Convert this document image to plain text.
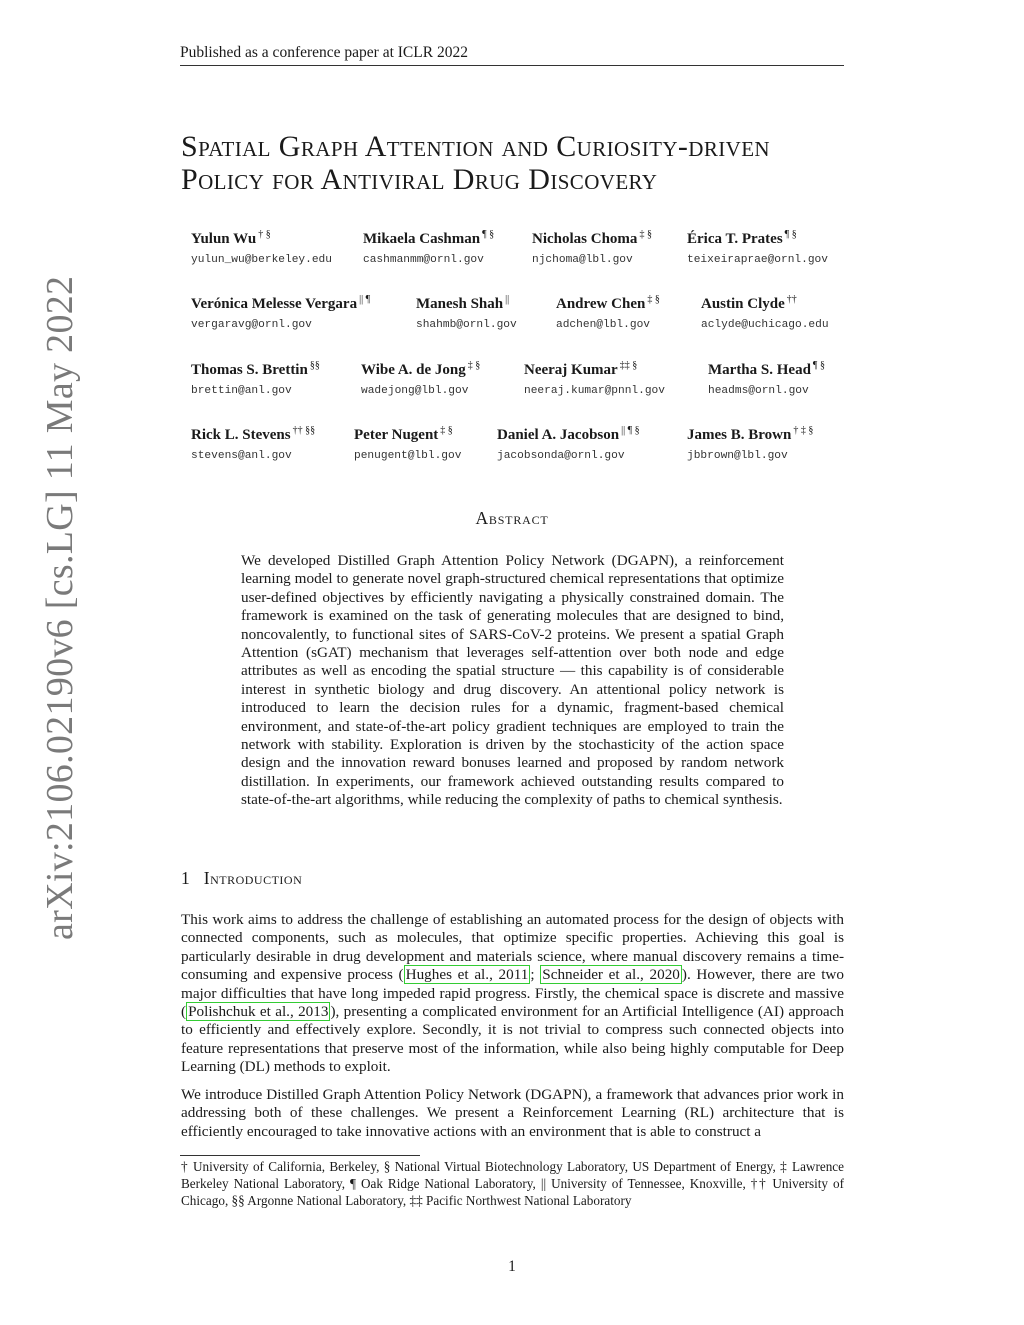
Published as a conference paper at ICLR 2022
arXiv:2106.02190v6 [cs.LG] 11 May 2022
Spatial Graph Attention and Curiosity-driven
Policy for Antiviral Drug Discovery
Yulun Wu † §
yulun_wu@berkeley.edu
Mikaela Cashman ¶ §
cashmanmm@ornl.gov
Nicholas Choma ‡ §
njchoma@lbl.gov
Érica T. Prates ¶ §
teixeiraprae@ornl.gov
Verónica Melesse Vergara || ¶
vergaravg@ornl.gov
Manesh Shah ||
shahmb@ornl.gov
Andrew Chen ‡ §
adchen@lbl.gov
Austin Clyde ††
aclyde@uchicago.edu
Thomas S. Brettin §§
brettin@anl.gov
Wibe A. de Jong ‡ §
wadejong@lbl.gov
Neeraj Kumar ‡‡ §
neeraj.kumar@pnnl.gov
Martha S. Head ¶ §
headms@ornl.gov
Rick L. Stevens †† §§
stevens@anl.gov
Peter Nugent ‡ §
penugent@lbl.gov
Daniel A. Jacobson || ¶ §
jacobsonda@ornl.gov
James B. Brown † ‡ §
jbbrown@lbl.gov
Abstract
We developed Distilled Graph Attention Policy Network (DGAPN), a reinforcement learning model to generate novel graph-structured chemical representations that optimize user-defined objectives by efficiently navigating a physically constrained domain. The framework is examined on the task of generating molecules that are designed to bind, noncovalently, to functional sites of SARS-CoV-2 proteins. We present a spatial Graph Attention (sGAT) mechanism that leverages self-attention over both node and edge attributes as well as encoding the spatial structure — this capability is of considerable interest in synthetic biology and drug discovery. An attentional policy network is introduced to learn the decision rules for a dynamic, fragment-based chemical environment, and state-of-the-art policy gradient techniques are employed to train the network with stability. Exploration is driven by the stochasticity of the action space design and the innovation reward bonuses learned and proposed by random network distillation. In experiments, our framework achieved outstanding results compared to state-of-the-art algorithms, while reducing the complexity of paths to chemical synthesis.
1 Introduction
This work aims to address the challenge of establishing an automated process for the design of objects with connected components, such as molecules, that optimize specific properties. Achieving this goal is particularly desirable in drug development and materials science, where manual discovery remains a time-consuming and expensive process ( Hughes et al., 2011 ; Schneider et al., 2020 ). However, there are two major difficulties that have long impeded rapid progress. Firstly, the chemical space is discrete and massive ( Polishchuk et al., 2013 ), presenting a complicated environment for an Artificial Intelligence (AI) approach to efficiently and effectively explore. Secondly, it is not trivial to compress such connected objects into feature representations that preserve most of the information, while also being highly computable for Deep Learning (DL) methods to exploit.
We introduce Distilled Graph Attention Policy Network (DGAPN), a framework that advances prior work in addressing both of these challenges. We present a Reinforcement Learning (RL) architecture that is efficiently encouraged to take innovative actions with an environment that is able to construct a
† University of California, Berkeley, § National Virtual Biotechnology Laboratory, US Department of Energy, ‡ Lawrence Berkeley National Laboratory, ¶ Oak Ridge National Laboratory, || University of Tennessee, Knoxville, †† University of Chicago, §§ Argonne National Laboratory, ‡‡ Pacific Northwest National Laboratory
1
